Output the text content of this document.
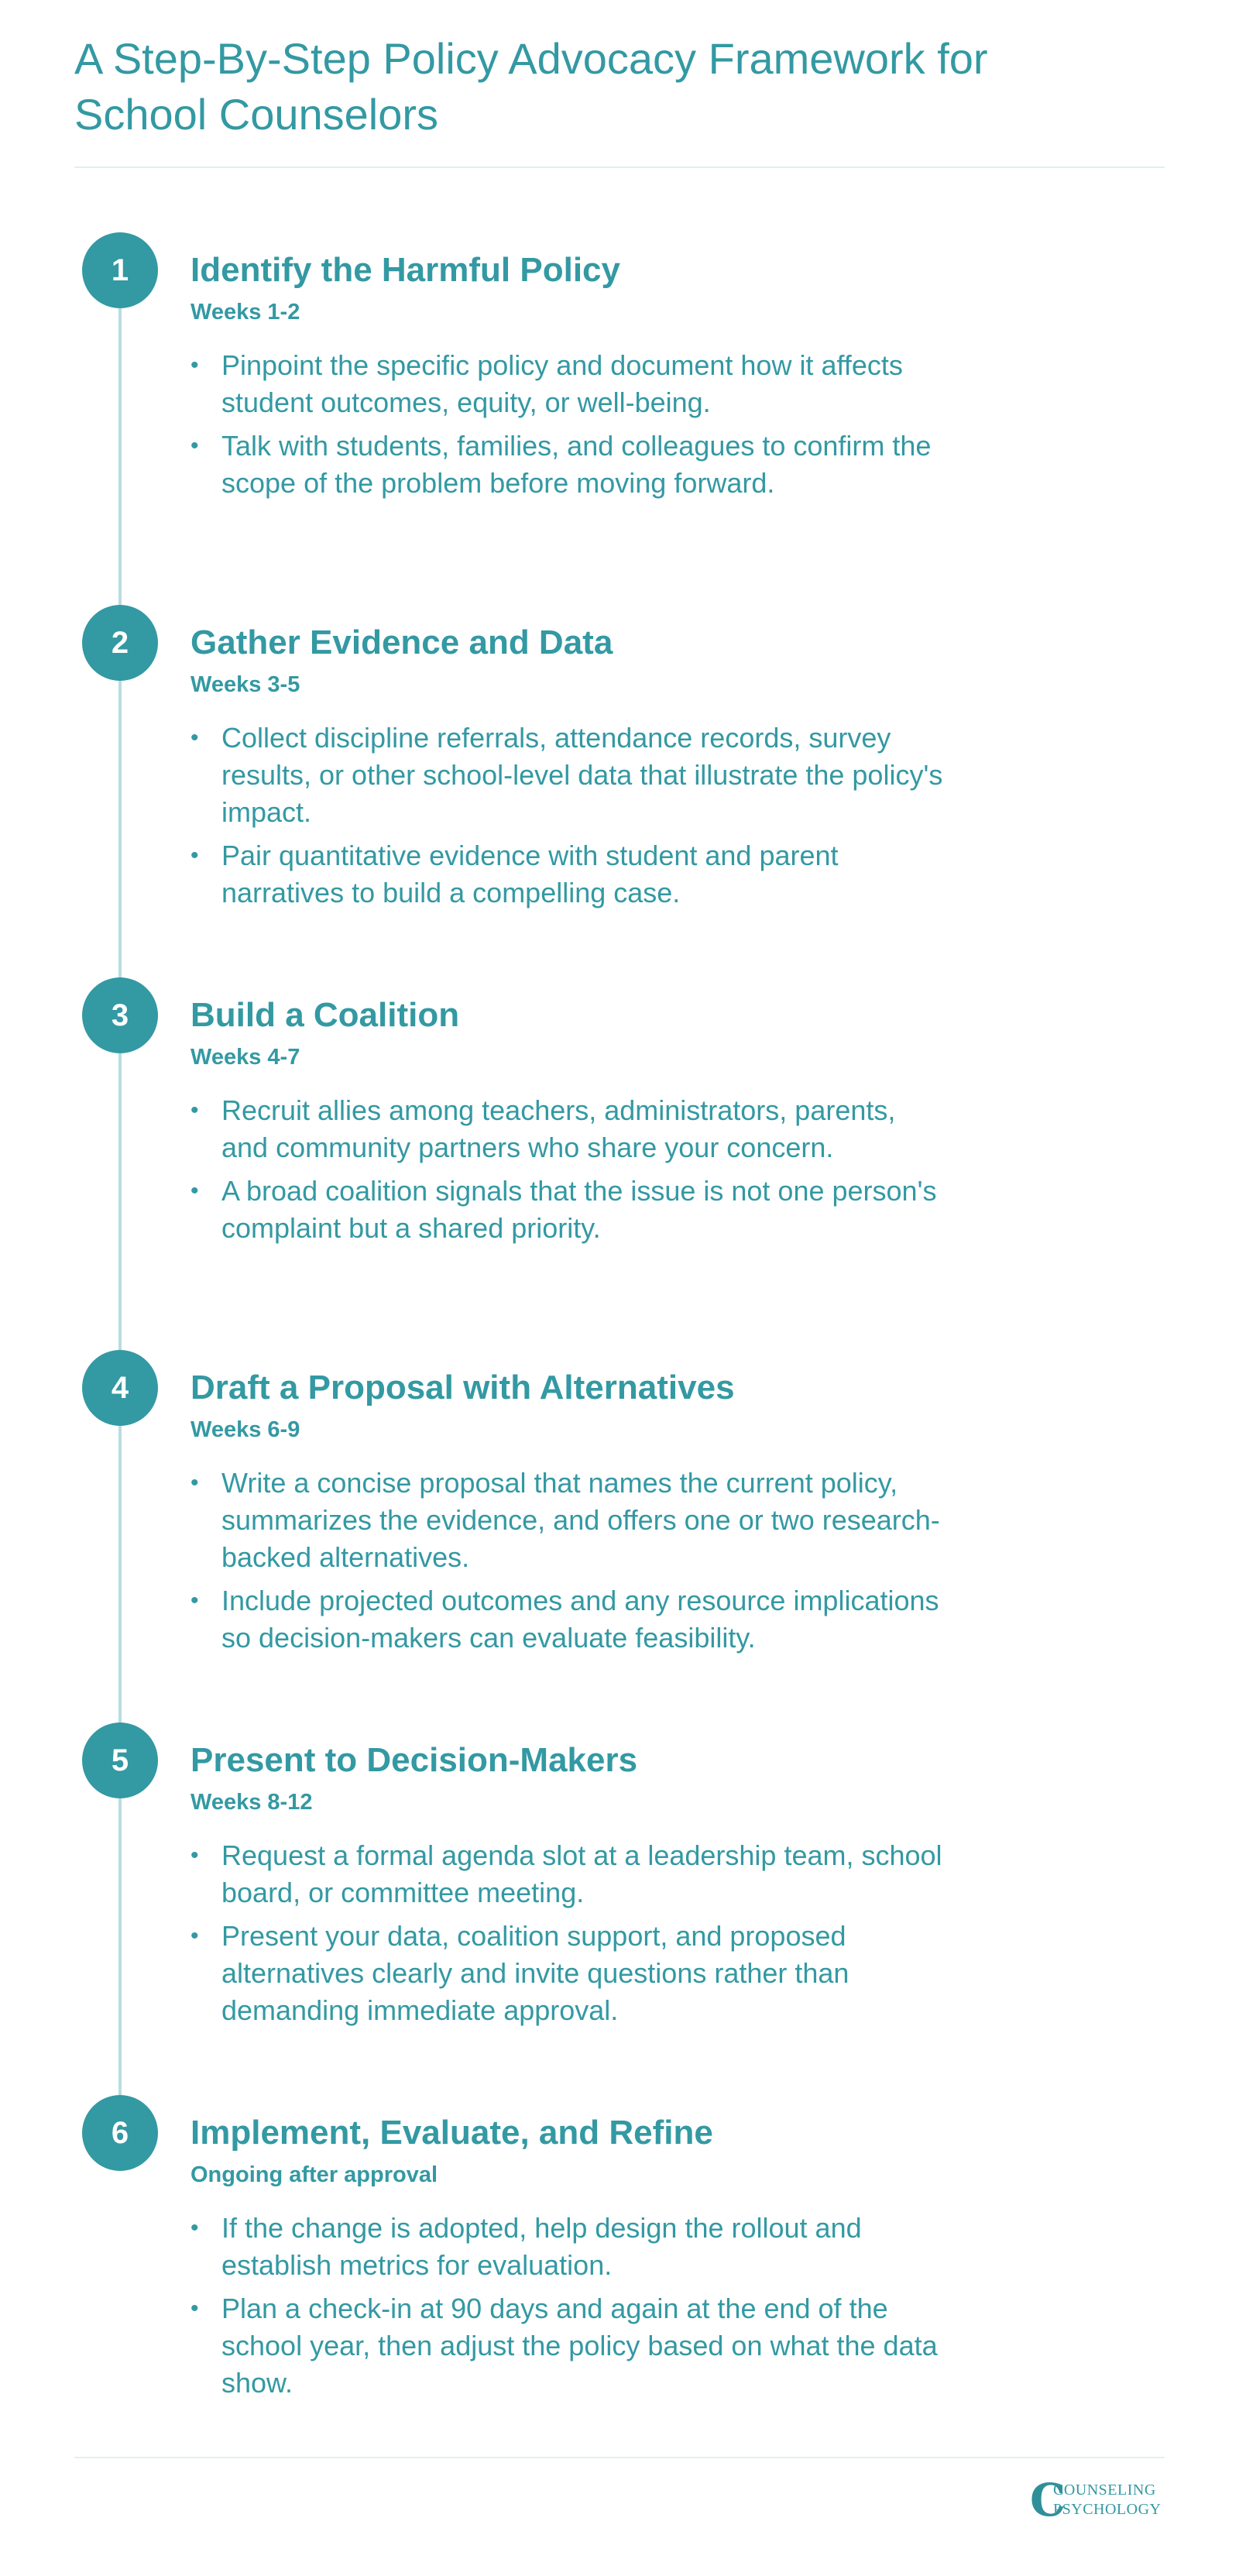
A Step-By-Step Policy Advocacy Framework for School Counselors
1	Identify the Harmful Policy
Weeks 1-2
• Pinpoint the specific policy and document how it affects student outcomes, equity, or well-being.
• Talk with students, families, and colleagues to confirm the scope of the problem before moving forward.
2	Gather Evidence and Data
Weeks 3-5
• Collect discipline referrals, attendance records, survey results, or other school-level data that illustrate the policy's impact.
• Pair quantitative evidence with student and parent narratives to build a compelling case.
3	Build a Coalition
Weeks 4-7
• Recruit allies among teachers, administrators, parents, and community partners who share your concern.
• A broad coalition signals that the issue is not one person's complaint but a shared priority.
4	Draft a Proposal with Alternatives
Weeks 6-9
• Write a concise proposal that names the current policy, summarizes the evidence, and offers one or two research-backed alternatives.
• Include projected outcomes and any resource implications so decision-makers can evaluate feasibility.
5	Present to Decision-Makers
Weeks 8-12
• Request a formal agenda slot at a leadership team, school board, or committee meeting.
• Present your data, coalition support, and proposed alternatives clearly and invite questions rather than demanding immediate approval.
6	Implement, Evaluate, and Refine
Ongoing after approval
• If the change is adopted, help design the rollout and establish metrics for evaluation.
• Plan a check-in at 90 days and again at the end of the school year, then adjust the policy based on what the data show.
C
COUNSELING
PSYCHOLOGY
